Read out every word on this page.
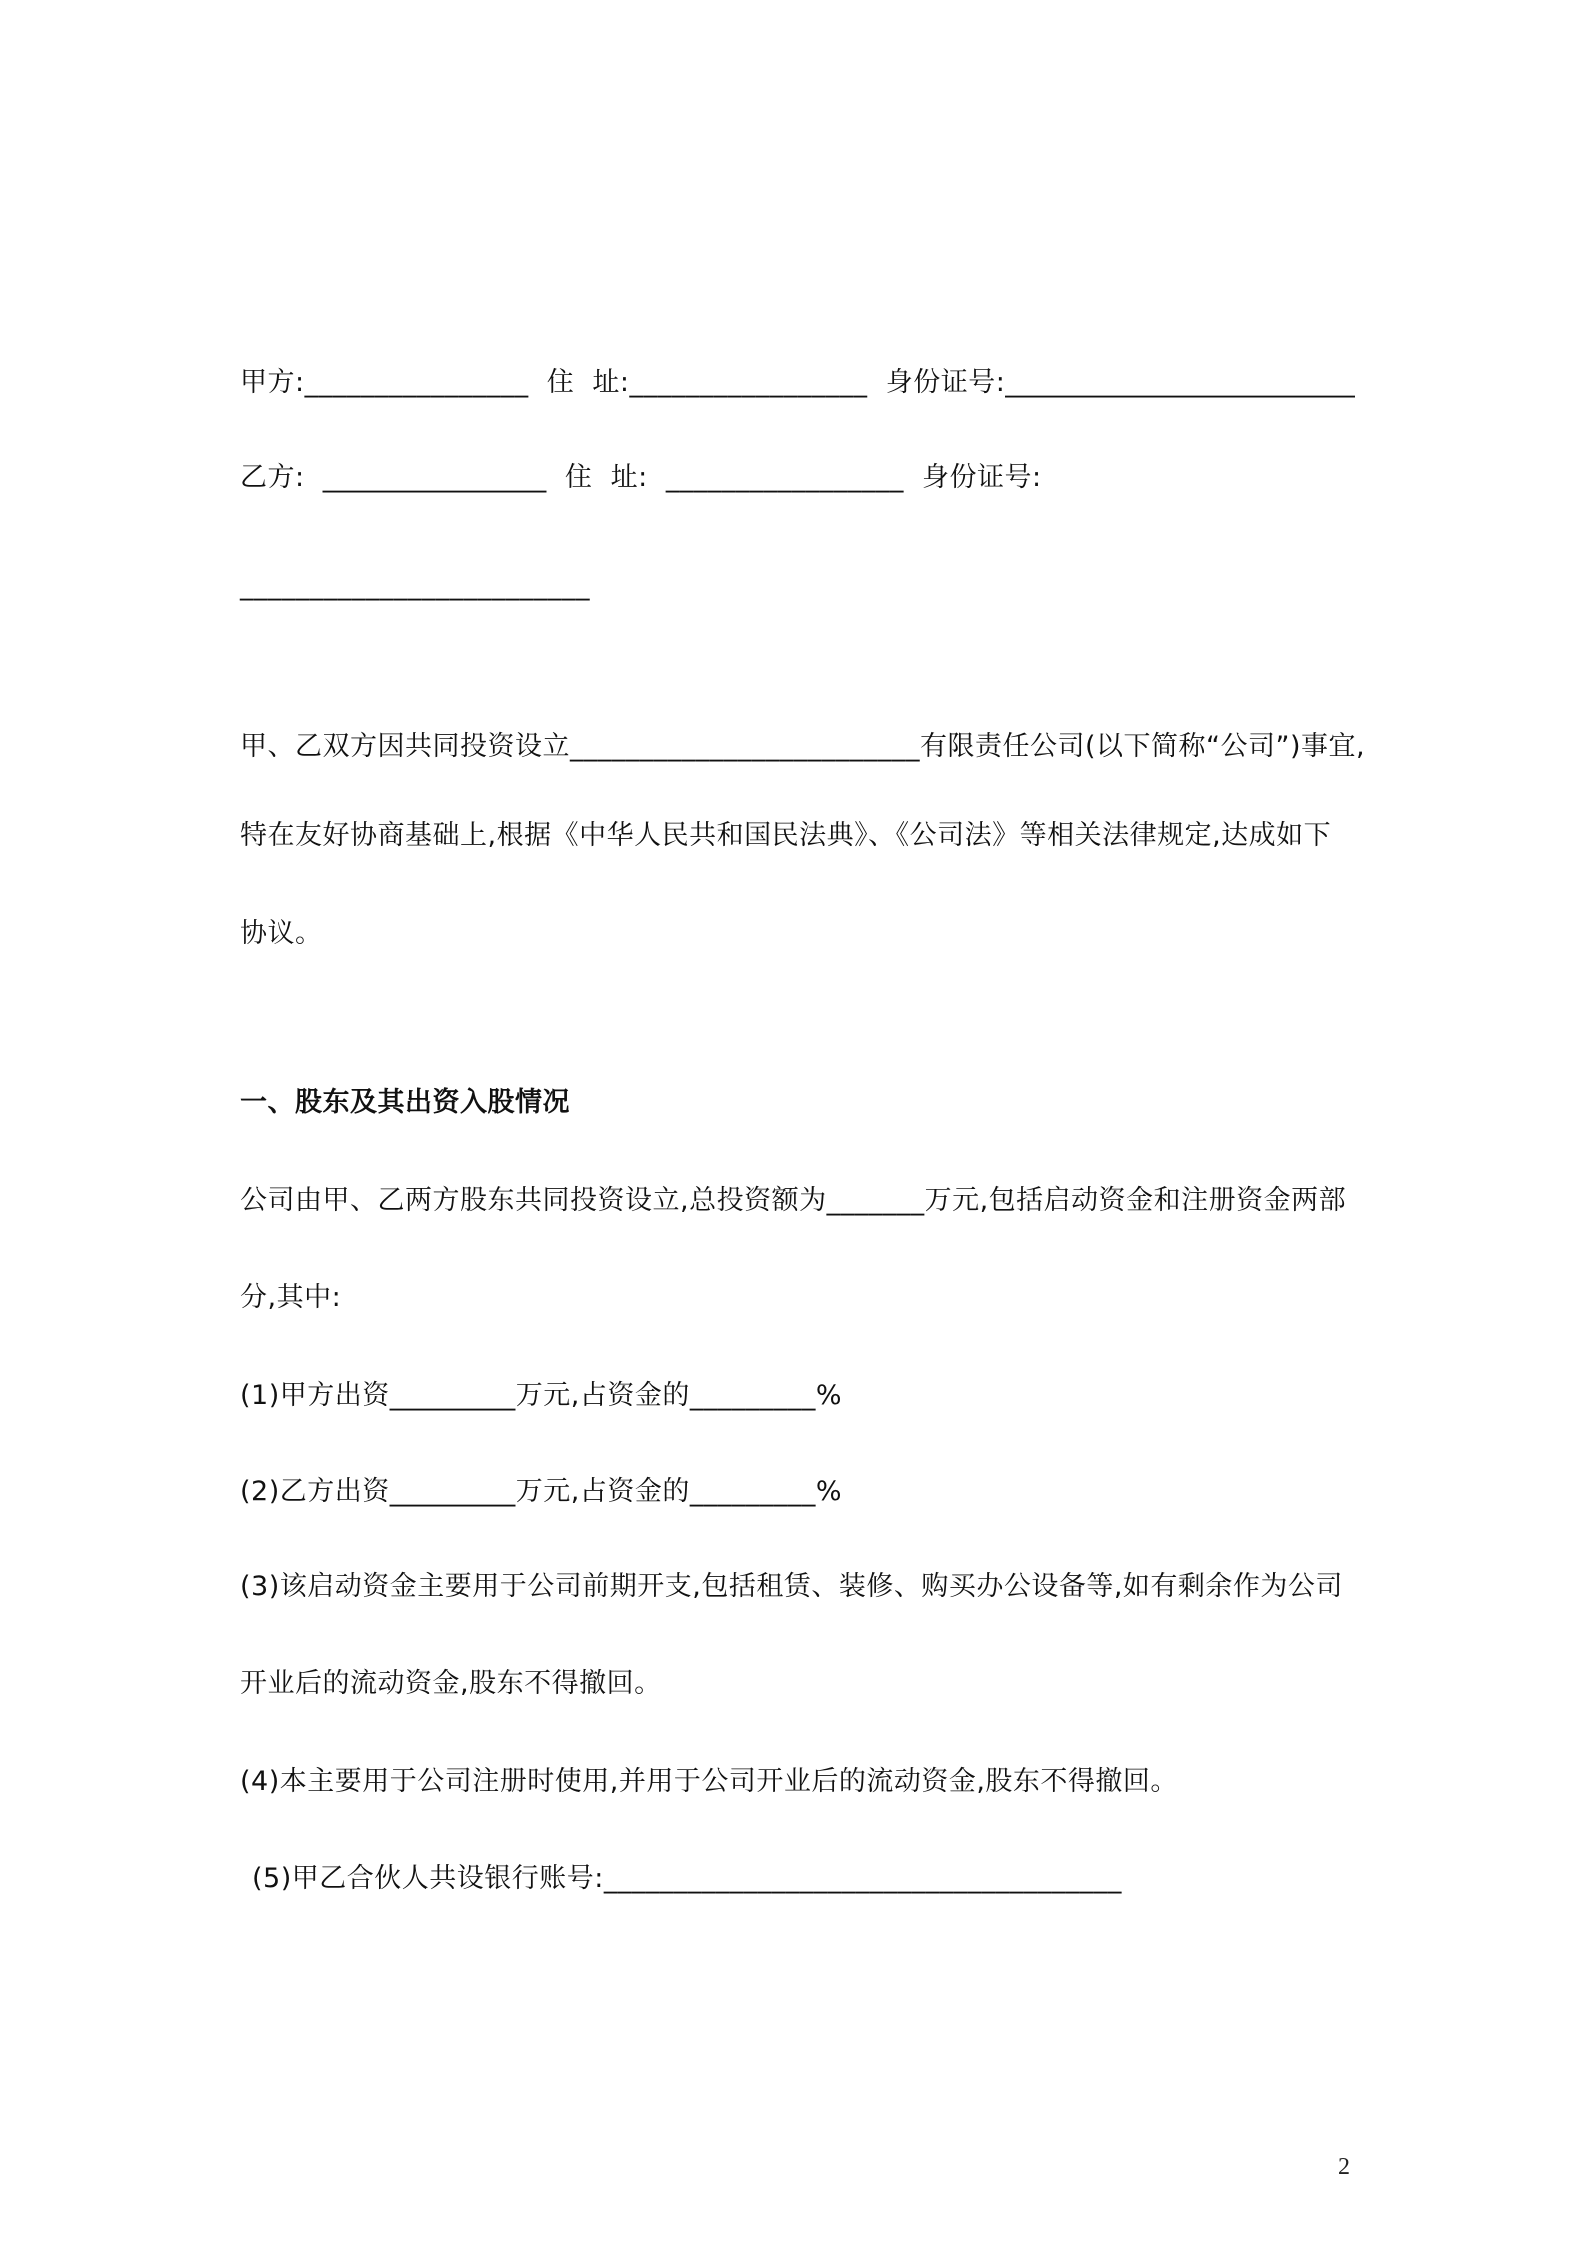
甲方:________________  住  址:_________________  身份证号:_________________________
乙方:  ________________  住  址:  _________________  身份证号:
_________________________
甲、乙双方因共同投资设立_________________________有限责任公司(以下简称“公司”)事宜,
特在友好协商基础上,根据《中华人民共和国民法典》、《公司法》等相关法律规定,达成如下
协议。
一、股东及其出资入股情况
公司由甲、乙两方股东共同投资设立,总投资额为_______万元,包括启动资金和注册资金两部
分,其中:
(1)甲方出资_________万元,占资金的_________%
(2)乙方出资_________万元,占资金的_________%
(3)该启动资金主要用于公司前期开支,包括租赁、装修、购买办公设备等,如有剩余作为公司
开业后的流动资金,股东不得撤回。
(4)本主要用于公司注册时使用,并用于公司开业后的流动资金,股东不得撤回。
(5)甲乙合伙人共设银行账号:_____________________________________
2
